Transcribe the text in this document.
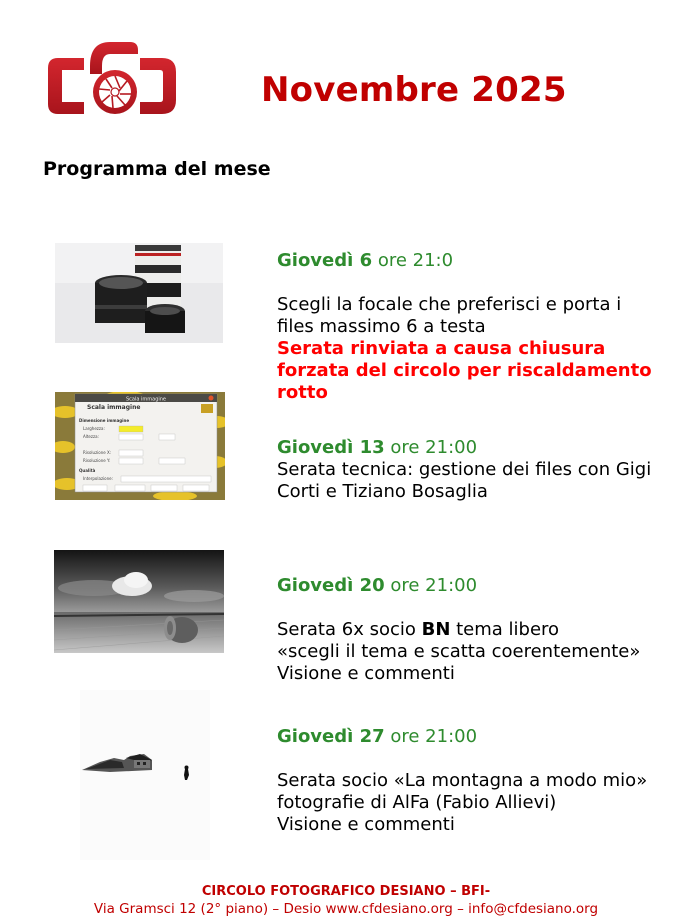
Novembre 2025
Programma del mese
Scala immagine
Scala immagine
Dimensione immagine
Larghezza:
Altezza:
Risoluzione X:
Risoluzione Y:
Qualità
Interpolazione:
Giovedì 6 ore 21:0
Scegli la focale che preferisci e porta i
files massimo 6 a testa
Serata rinviata a causa chiusura
forzata del circolo per riscaldamento
rotto
Giovedì 13 ore 21:00
Serata tecnica: gestione dei files con Gigi
Corti e Tiziano Bosaglia
Giovedì 20 ore 21:00
Serata 6x socio BN tema libero
«scegli il tema e scatta coerentemente»
Visione e commenti
Giovedì 27 ore 21:00
Serata socio «La montagna a modo mio»
fotografie di AlFa (Fabio Allievi)
Visione e commenti
CIRCOLO FOTOGRAFICO DESIANO – BFI-
Via Gramsci 12 (2° piano) – Desio www.cfdesiano.org – info@cfdesiano.org
